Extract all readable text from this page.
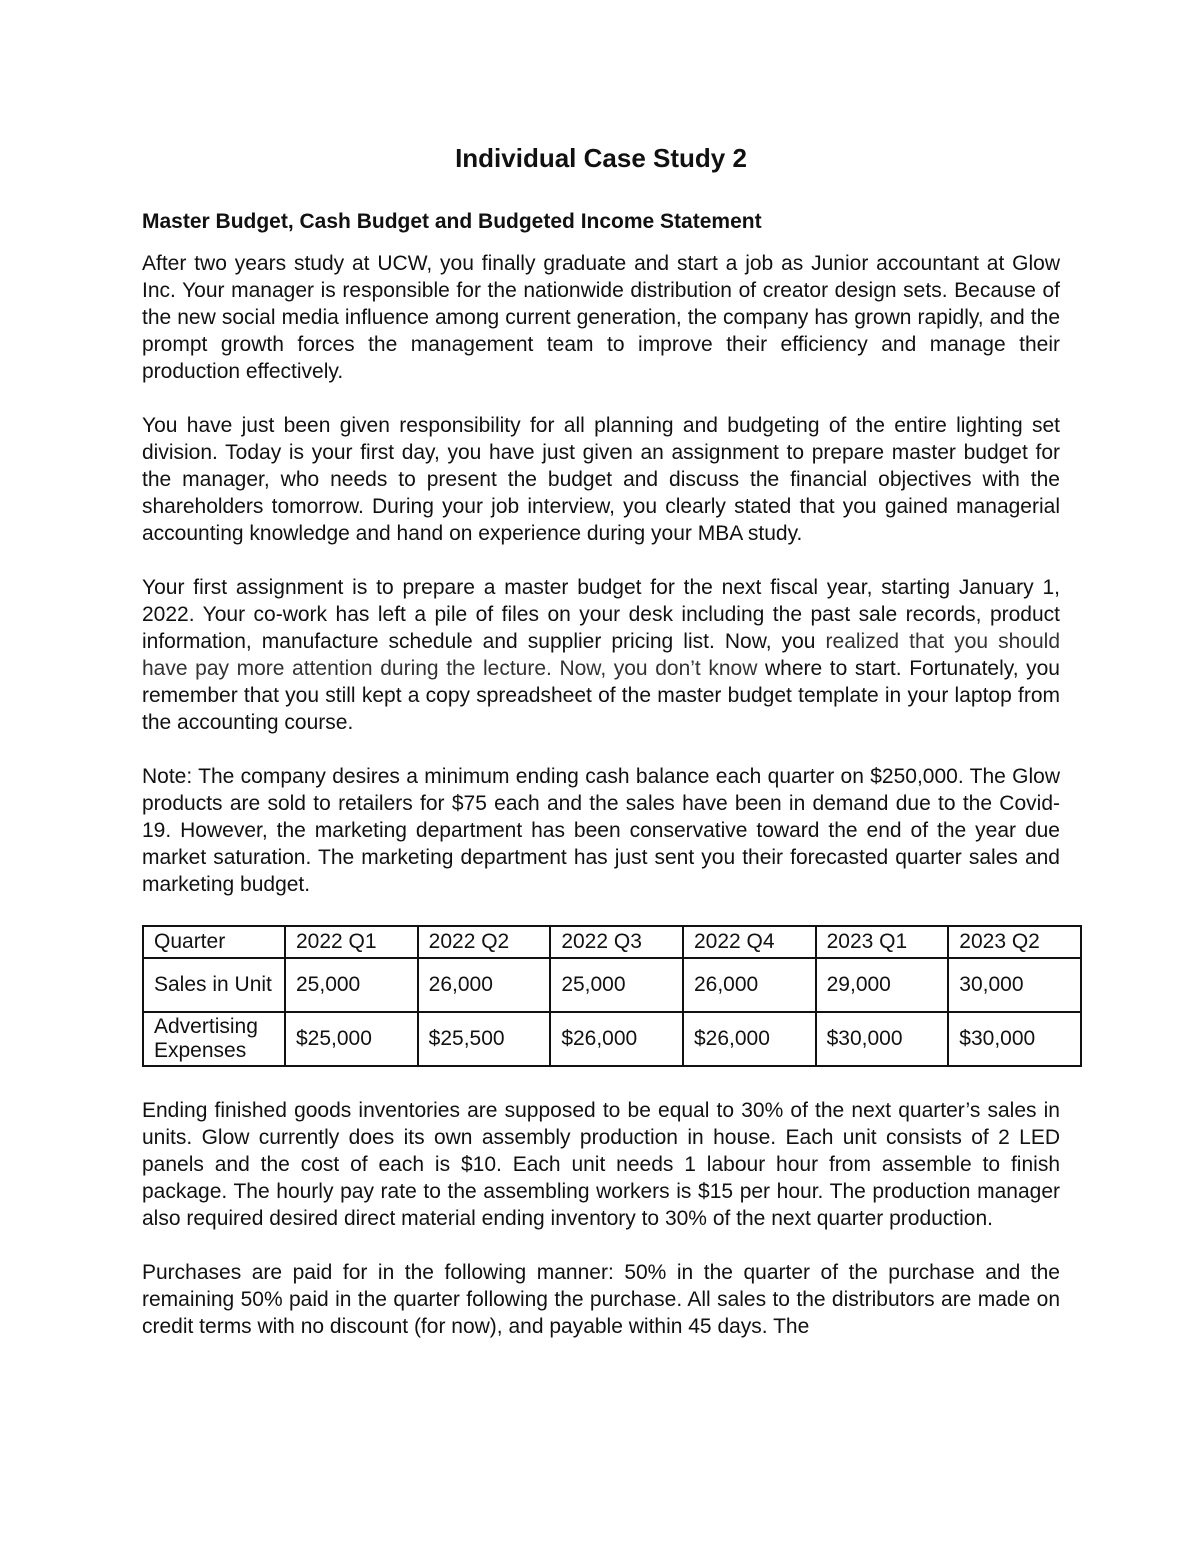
Individual Case Study 2
Master Budget, Cash Budget and Budgeted Income Statement

After two years study at UCW, you finally graduate and start a job as Junior accountant at Glow Inc. Your manager is responsible for the nationwide distribution of creator design sets. Because of the new social media influence among current generation, the company has grown rapidly, and the prompt growth forces the management team to improve their efficiency and manage their production effectively.

You have just been given responsibility for all planning and budgeting of the entire lighting set division. Today is your first day, you have just given an assignment to prepare master budget for the manager, who needs to present the budget and discuss the financial objectives with the shareholders tomorrow. During your job interview, you clearly stated that you gained managerial accounting knowledge and hand on experience during your MBA study.

Your first assignment is to prepare a master budget for the next fiscal year, starting January 1, 2022. Your co-work has left a pile of files on your desk including the past sale records, product information, manufacture schedule and supplier pricing list. Now, you realized that you should have pay more attention during the lecture. Now, you don’t know where to start. Fortunately, you remember that you still kept a copy spreadsheet of the master budget template in your laptop from the accounting course.

Note: The company desires a minimum ending cash balance each quarter on $250,000. The Glow products are sold to retailers for $75 each and the sales have been in demand due to the Covid-19. However, the marketing department has been conservative toward the end of the year due market saturation. The marketing department has just sent you their forecasted quarter sales and marketing budget.

Quarter	2022 Q1	2022 Q2	2022 Q3	2022 Q4	2023 Q1	2023 Q2
Sales in Unit	25,000	26,000	25,000	26,000	29,000	30,000
Advertising Expenses	$25,000	$25,500	$26,000	$26,000	$30,000	$30,000

Ending finished goods inventories are supposed to be equal to 30% of the next quarter’s sales in units. Glow currently does its own assembly production in house. Each unit consists of 2 LED panels and the cost of each is $10. Each unit needs 1 labour hour from assemble to finish package. The hourly pay rate to the assembling workers is $15 per hour. The production manager also required desired direct material ending inventory to 30% of the next quarter production.

Purchases are paid for in the following manner: 50% in the quarter of the purchase and the remaining 50% paid in the quarter following the purchase. All sales to the distributors are made on credit terms with no discount (for now), and payable within 45 days. The
